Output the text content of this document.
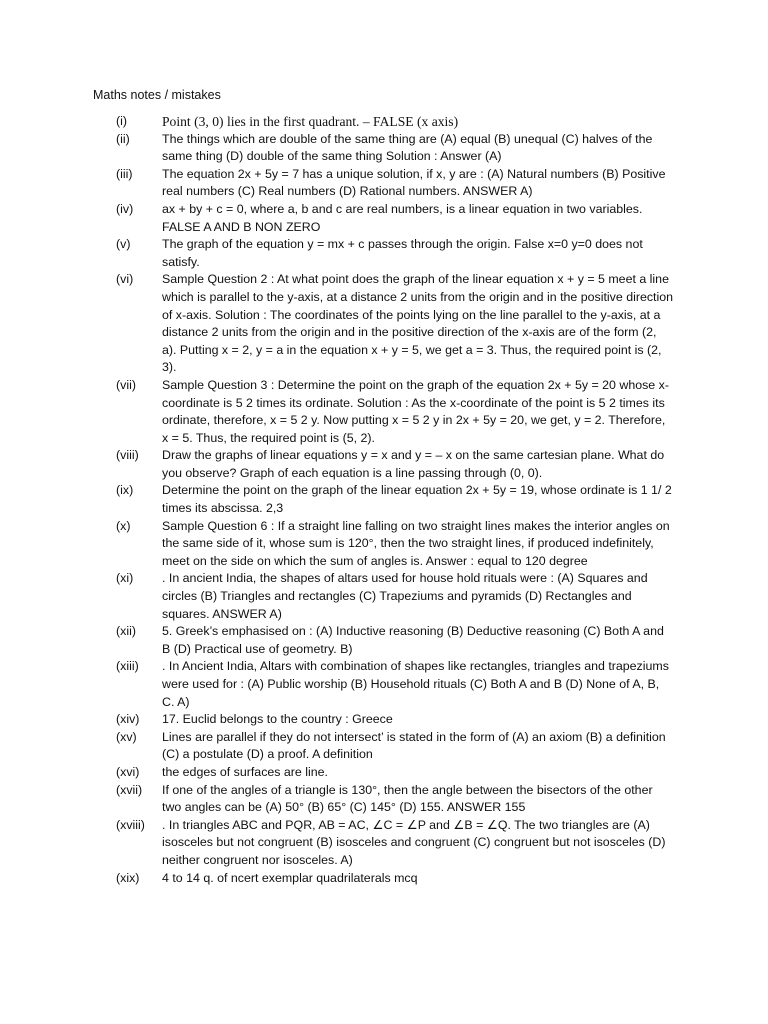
Maths notes / mistakes
(i)	Point (3, 0) lies in the first quadrant. – FALSE (x axis)
(ii)	The things which are double of the same thing are (A) equal (B) unequal (C) halves of the same thing (D) double of the same thing Solution : Answer (A)
(iii) The equation 2x + 5y = 7 has a unique solution, if x, y are : (A) Natural numbers (B) Positive real numbers (C) Real numbers (D) Rational numbers. ANSWER A)
(iv) ax + by + c = 0, where a, b and c are real numbers, is a linear equation in two variables. FALSE A AND B NON ZERO
(v)	The graph of the equation y = mx + c passes through the origin. False x=0 y=0 does not satisfy.
(vi) Sample Question 2 : At what point does the graph of the linear equation x + y = 5 meet a line which is parallel to the y-axis, at a distance 2 units from the origin and in the positive direction of x-axis. Solution : The coordinates of the points lying on the line parallel to the y-axis, at a distance 2 units from the origin and in the positive direction of the x-axis are of the form (2, a). Putting x = 2, y = a in the equation x + y = 5, we get a = 3. Thus, the required point is (2, 3).
(vii) Sample Question 3 : Determine the point on the graph of the equation 2x + 5y = 20 whose x-coordinate is 5 2 times its ordinate. Solution : As the x-coordinate of the point is 5 2 times its ordinate, therefore, x = 5 2 y. Now putting x = 5 2 y in 2x + 5y = 20, we get, y = 2. Therefore, x = 5. Thus, the required point is (5, 2).
(viii) Draw the graphs of linear equations y = x and y = – x on the same cartesian plane. What do you observe? Graph of each equation is a line passing through (0, 0).
(ix) Determine the point on the graph of the linear equation 2x + 5y = 19, whose ordinate is 1 1/ 2 times its abscissa. 2,3
(x)	Sample Question 6 : If a straight line falling on two straight lines makes the interior angles on the same side of it, whose sum is 120°, then the two straight lines, if produced indefinitely, meet on the side on which the sum of angles is. Answer : equal to 120 degree
(xi) . In ancient India, the shapes of altars used for house hold rituals were : (A) Squares and circles (B) Triangles and rectangles (C) Trapeziums and pyramids (D) Rectangles and squares. ANSWER A)
(xii) 5. Greek’s emphasised on : (A) Inductive reasoning (B) Deductive reasoning (C) Both A and B (D) Practical use of geometry. B)
(xiii) . In Ancient India, Altars with combination of shapes like rectangles, triangles and trapeziums were used for : (A) Public worship (B) Household rituals (C) Both A and B (D) None of A, B, C. A)
(xiv) 17. Euclid belongs to the country : Greece
(xv) Lines are parallel if they do not intersect’ is stated in the form of (A) an axiom (B) a definition (C) a postulate (D) a proof. A definition
(xvi) the edges of surfaces are line.
(xvii) If one of the angles of a triangle is 130°, then the angle between the bisectors of the other two angles can be (A) 50° (B) 65° (C) 145° (D) 155. ANSWER 155
(xviii) . In triangles ABC and PQR, AB = AC, ∠C = ∠P and ∠B = ∠Q. The two triangles are (A) isosceles but not congruent (B) isosceles and congruent (C) congruent but not isosceles (D) neither congruent nor isosceles. A)
(xix) 4 to 14 q. of ncert exemplar quadrilaterals mcq
